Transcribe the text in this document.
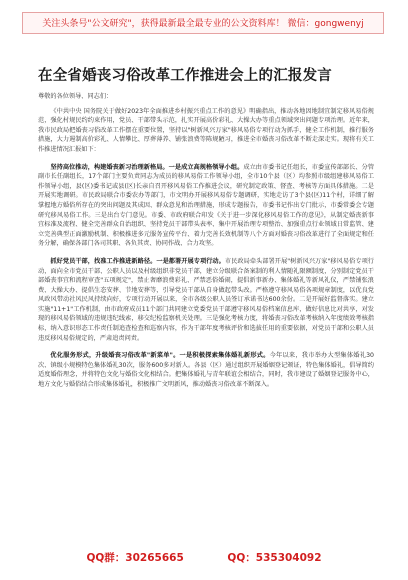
关注头条号"公文研究"，获得最新最全最专业的公文资料库！ 微信：gongwenyj
在全省婚丧习俗改革工作推进会上的汇报发言

尊敬的各位领导、同志们：

《中共中央 国务院关于做好2023年全面推进乡村振兴重点工作的意见》明确指出，推动各地因地制宜制定移风易俗规范，强化村规民约约束作用，党员、干部带头示范，扎实开展高价彩礼、大操大办等重点领域突出问题专项治理。近年来，我市民政局把婚丧习俗改革工作摆在重要位置，坚持以"树新风兴万家"移风易俗专项行动为抓手，健全工作机制，推行服务措施，大力遏制高价彩礼、人情攀比、厚葬薄养、铺张浪费等陈规陋习，推进全市婚丧习俗改革不断走深走实。现将有关工作推进情况汇报如下：

坚持高位推动，构建婚丧新习治理新格局。一是成立高规格领导小组。成立由市委书记任组长，市委宣传部部长、分管副市长任副组长，17个部门主要负责同志为成员的移风易俗工作领导小组，全市10个县（区）均参照市级组建移风易俗工作领导小组，县(区)委书记或县(区)长亲自召开移风易俗工作推进会议，研究制定政策、督查、考核等方面具体措施。二是开展实地调研。市民政局联合市委农办等部门，市文明办开展移风易俗专题调研，实地走访了3个县(区)11个村，详细了解掌握地方婚俗所存在的突出问题及其成因、群众意见和治理措施，形成专题报告，市委书记作出专门批示，市委常委会专题研究移风易俗工作。三是出台专门意见。市委、市政府联合印发《关于进一步深化移风易俗工作的意见》，从制定婚丧新事宜标准及流程、健全完善群众自治组织、坚持党员干部带头表率、集中开展治理专项整治、加强重点行业领域日常监管、建立完善典型正面激励机制、积极推进多元服务宣传平台、着力完善长效机制等八个方面对婚丧习俗改革进行了全面规定和任务分解，确保各部门各司其职、各负其责、协同作战、合力攻坚。

抓好党员干部，找准工作推进新路径。一是都署开展专项行动。市民政局牵头部署开展"树新风兴万家"移风易俗专项行动，面向全市党员干部、公职人员以及村级组织非党员干部，建立分级联合备案制的利人情随礼限额制度，分别制定党员干部婚丧事宜和流程审查"五项规定"，禁止奢靡浪费彩礼、严禁恶俗婚闹，提倡新事新办、集体婚礼等新风礼仪，严禁铺张浪费、大操大办、提倡生态安葬、节地安葬等，引导党员干部从自身做起带头改。严格遵守移风易俗各项规章制度，以优良党风政风带动社风民风持续向好，专项行动开展以来，全市各级公职人员签订承诺书达600余份。二是开展好监督落实。建立实施"11+1"工作机制，由市政府成员11个部门共同建立党委党员干部遵守移风易俗档案信息库，做好信息比对共享，对发现的移风易俗领域的违规违纪线索，移交纪检监察机关处理。三是强化考核力度，将婚丧习俗改革考核纳入年度绩效考核指标，纳入意识形态工作责任制追查检查和巡察内容，作为干部年度考核评价和选拔任用的重要依据，对党员干部和公职人员违反移风易俗规定的，严肃追责问责。

优化服务形式，升级婚丧习俗改革"新菜单"。一是积极探索集体婚礼新形式。今年以来，我市举办大型集体婚礼30次、镇级小规模特色集体婚礼30次，服务600多对新人。各县（区）通过组织开展婚姻登记颁证，特色集体婚礼，倡导简约适度婚俗理念，并将特色文化与婚俗文化相结合。把集体婚礼与青年联谊会相结合，同时，我市建设了婚姻登记服务中心，地方文化与婚俗结合形成集体婚礼，积极推广文明新风，推动婚丧习俗改革不断深入。

QQ群：30265665	QQ：535304092
